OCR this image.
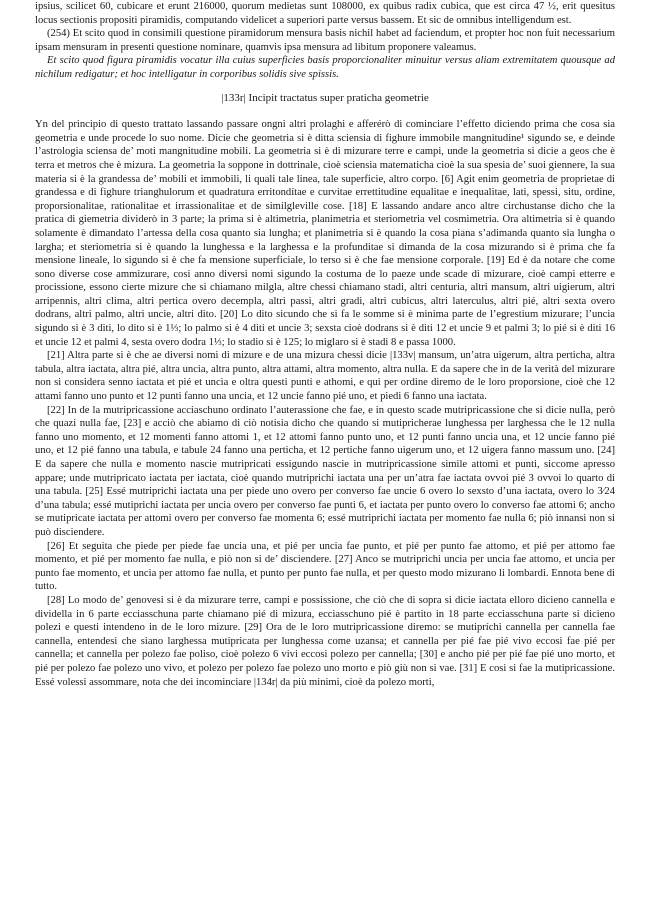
ipsius, scilicet 60, cubicare et erunt 216000, quorum medietas sunt 108000, ex quibus radix cubica, que est circa 47 ½, erit quesitus locus sectionis propositi piramidis, computando videlicet a superiori parte versus bassem. Et sic de omnibus intelligendum est.

(254) Et scito quod in consimili questione piramidorum mensura basis nichil habet ad faciendum, et propter hoc non fuit necessarium ipsam mensuram in presenti questione nominare, quamvis ipsa mensura ad libitum proponere valeamus.

Et scito quod figura piramidis vocatur illa cuius superficies basis proporcionaliter minuitur versus aliam extremitatem quousque ad nichilum redigatur; et hoc intelligatur in corporibus solidis sive spissis.

|133r| Incipit tractatus super praticha geometrie

Yn del principio di questo trattato lassando passare ongni altri prolaghi e afferérò di cominciare l’effetto diciendo prima che cosa sia geometria e unde procede lo suo nome. Dicie che geometria si è ditta sciensia di fighure immobile mangnitudine¹ sigundo se, e deinde l’astrologia sciensa de’ moti mangnitudine mobili. La geometria si è di mizurare terre e campi, unde la geometria si dicie a geos che è terra et metros che è mizura. La geometria la soppone in dottrinale, cioè sciensia matematicha cioè la sua spesia de’ suoi giennere, la sua materia si è la grandessa de’ mobili et immobili, li quali tale linea, tale superficie, altro corpo. [6] Agit enim geometria de proprietae di grandessa e di fighure trianghulorum et quadratura erritondítae e curvitae errettitudine equalitae e inequalitae, lati, spessi, situ, ordine, proporsionalitae, rationalitae et irrassionalitae et de similgleville cose. [18] E lassando andare anco altre circhustanse dicho che la pratica di giemetria dividerò in 3 parte; la prima si è altimetria, planimetria et steriometria vel cosmimetria. Ora altimetria si è quando solamente è dimandato l’artessa della cosa quanto sia lungha; et planimetria si è quando la cosa piana s’adimanda quanto sia lungha o largha; et steriometria si è quando la lunghessa e la larghessa e la profunditae si dimanda de la cosa mizurando si è prima che fa mensione lineale, lo sigundo si è che fa mensione superficiale, lo terso si è che fae mensione corporale. [19] Ed è da notare che come sono diverse cose ammizurare, cosi anno diversi nomi sigundo la costuma de lo paeze unde scade di mizurare, cioè campi etterre e procissione, essono cierte mizure che si chiamano milgla, altre chessi chiamano stadi, altri centuria, altri mansum, altri uigierum, altri arripennis, altri clima, altri pertica overo decempla, altri passi, altri gradi, altri cubicus, altri laterculus, altri pié, altri sexta overo dodrans, altri palmo, altri uncie, altri dito. [20] Lo dito sicundo che si fa le somme si è minima parte de l’egrestium mizurare; l’uncia sigundo si è 3 diti, lo dito si è 1⅓; lo palmo si è 4 diti et uncie 3; sexsta cioè dodrans si è diti 12 et uncie 9 et palmi 3; lo pié si è diti 16 et uncie 12 et palmi 4, sesta overo dodra 1⅓; lo stadio si è 125; lo miglaro si è stadi 8 e passa 1000.

[21] Altra parte si è che ae diversi nomi di mizure e de una mizura chessi dicie |133v| mansum, un’atra uigerum, altra perticha, altra tabula, altra iactata, altra pié, altra uncia, altra punto, altra attami, altra momento, altra nulla. E da sapere che in de la verità del mizurare non si considera senno iactata et pié et uncia e oltra questi punti e athomi, e qui per ordine diremo de le loro proporsione, cioè che 12 attami fanno uno punto et 12 punti fanno una uncia, et 12 uncie fanno pié uno, et piedi 6 fanno una iactata.

[22] In de la mutripricassione acciaschuno ordinato l’auterassione che fae, e in questo scade mutripricassione che si dicie nulla, però che quazi nulla fae, [23] e acciò che abiamo di ciò notisia dicho che quando si mutipricherae lunghessa per larghessa che le 12 nulla fanno uno momento, et 12 momenti fanno attomi 1, et 12 attomi fanno punto uno, et 12 punti fanno uncia una, et 12 uncie fanno pié uno, et 12 pié fanno una tabula, e tabule 24 fanno una perticha, et 12 pertiche fanno uigerum uno, et 12 uigera fanno massum uno. [24] E da sapere che nulla e momento nascie mutripricati essigundo nascie in mutripricassione simile attomi et punti, siccome apresso appare; unde mutripricato iactata per iactata, cioè quando mutriprichi iactata una per un’atra fae iactata ovvoi pié 3 ovvoi lo quarto di una tabula. [25] Essé mutriprichi iactata una per piede uno overo per converso fae uncie 6 overo lo sexsto d’una iactata, overo lo 3⁄24 d’una tabula; essé mutiprichi iactata per uncia overo per converso fae punti 6, et iactata per punto overo lo converso fae attomi 6; ancho se mutipricate iactata per attomi overo per converso fae momenta 6; essé mutriprichi iactata per momento fae nulla 6; piò innansi non si può disciendere.

[26] Et seguita che piede per piede fae uncia una, et pié per uncia fae punto, et pié per punto fae attomo, et pié per attomo fae momento, et pié per momento fae nulla, e piò non si de’ disciendere. [27] Anco se mutriprichi uncia per uncia fae attomo, et uncia per punto fae momento, et uncia per attomo fae nulla, et punto per punto fae nulla, et per questo modo mizurano li lombardi. Ennota bene di tutto.

[28] Lo modo de’ genovesi si è da mizurare terre, campi e possissione, che ciò che di sopra si dicie iactata elloro dicieno cannella e dividella in 6 parte ecciasschuna parte chiamano pié di mizura, ecciasschuno pié è partito in 18 parte ecciasschuna parte si dicieno polezi e questi intendeno in de le loro mizure. [29] Ora de le loro mutripricassione diremo: se mutipríchi cannella per cannella fae cannella, entendesi che siano larghessa mutipricata per lunghessa come uzansa; et cannella per pié fae pié vivo eccosi fae pié per cannella; et cannella per polezo fae poliso, cioè polezo 6 vivi eccosi polezo per cannella; [30] e ancho pié per pié fae pié uno morto, et pié per polezo fae polezo uno vivo, et polezo per polezo fae polezo uno morto e piò giù non si vae. [31] E cosi si fae la mutipricassione. Essé volessi assommare, nota che dei incominciare |134r| da più minimi, cioè da polezo morti,
